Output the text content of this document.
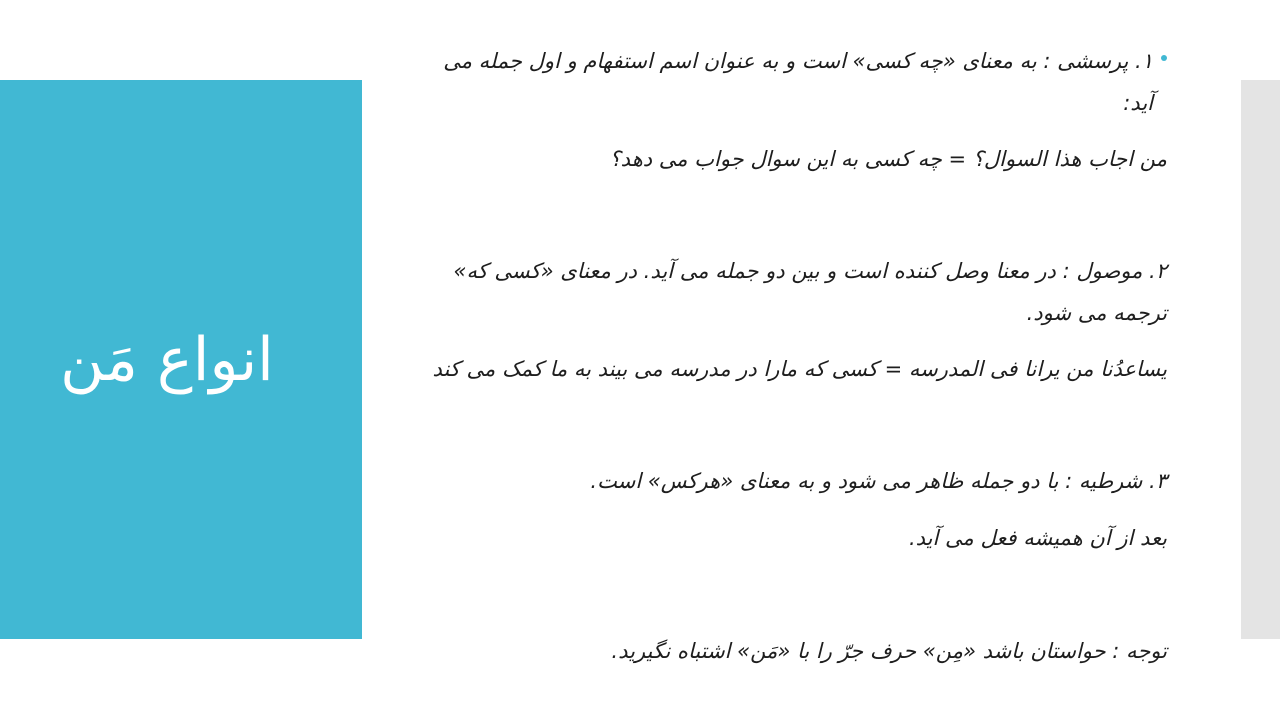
انواع مَن

١. پرسشی : به معنای «چه کسی» است و به عنوان اسم استفهام و اول جمله می آید:

من اجاب هذا السوال؟ = چه کسی به این سوال جواب می دهد؟

٢. موصول : در معنا وصل کننده است و بین دو جمله می آید. در معنای «کسی که» ترجمه می شود.

یساعدُنا من یرانا فی المدرسه = کسی که مارا در مدرسه می بیند به ما کمک می کند

٣. شرطیه : با دو جمله ظاهر می شود و به معنای «هرکس» است.

بعد از آن همیشه فعل می آید.

توجه : حواستان باشد «مِن» حرف جرّ را با «مَن» اشتباه نگیرید.
